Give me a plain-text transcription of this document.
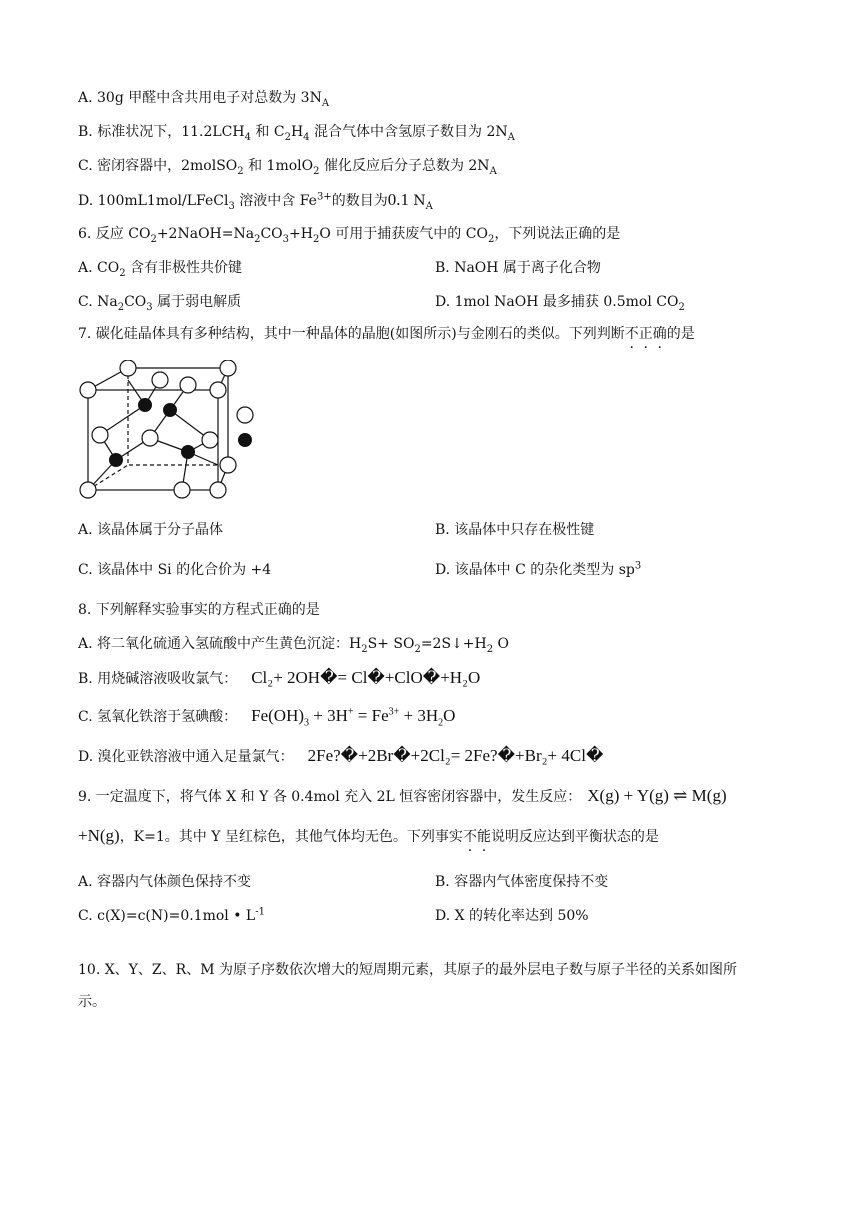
A. 30g 甲醛中含共用电子对总数为 $3N_A$
B. 标准状况下，$11.2LCH_4$ 和 $C_2H_4$ 混合气体中含氢原子数目为 $2N_A$
C. 密闭容器中，2molSO$_2$ 和 1molO$_2$ 催化反应后分子总数为 $2N_A$
D. 100mL1mol/LFeCl$_3$ 溶液中含 $Fe^{3+}$的数目为0.1 $N_A$
6. 反应 $CO_2+2NaOH=Na_2CO_3+H_2O$ 可用于捕获废气中的 $CO_2$，下列说法正确的是
A. $CO_2$ 含有非极性共价键	B. NaOH 属于离子化合物
C. $Na_2CO_3$ 属于弱电解质	D. 1mol NaOH 最多捕获 0.5mol $CO_2$
7. 碳化硅晶体具有多种结构，其中一种晶体的晶胞(如图所示)与金刚石的类似。下列判断不正确的是
A. 该晶体属于分子晶体	B. 该晶体中只存在极性键
C. 该晶体中 Si 的化合价为 +4	D. 该晶体中 C 的杂化类型为 $sp^3$
8. 下列解释实验事实的方程式正确的是
A. 将二氧化硫通入氢硫酸中产生黄色沉淀：$H_2S+$ $SO_2=2S↓+H_2$ O
B. 用烧碱溶液吸收氯气： Cl₂+ 2OH�= Cl�+ClO�+H₂O
C. 氢氧化铁溶于氢碘酸： $Fe(OH)_3 + 3H^+ = Fe^{3+} + 3H_2O$
D. 溴化亚铁溶液中通入足量氯气： 2Fe?�+2Br�+2Cl₂= 2Fe?�+Br₂+ 4Cl�
9. 一定温度下，将气体 X 和 Y 各 0.4mol 充入 2L 恒容密闭容器中，发生反应： X(g) + Y(g) ⇌ M(g)
+N(g)，K=1。其中 Y 呈红棕色，其他气体均无色。下列事实不能说明反应达到平衡状态的是
A. 容器内气体颜色保持不变	B. 容器内气体密度保持不变
C. c(X)=c(N)=0.1mol • $L^{-1}$	D. X 的转化率达到 50%
10. X、Y、Z、R、M 为原子序数依次增大的短周期元素，其原子的最外层电子数与原子半径的关系如图所
示。
